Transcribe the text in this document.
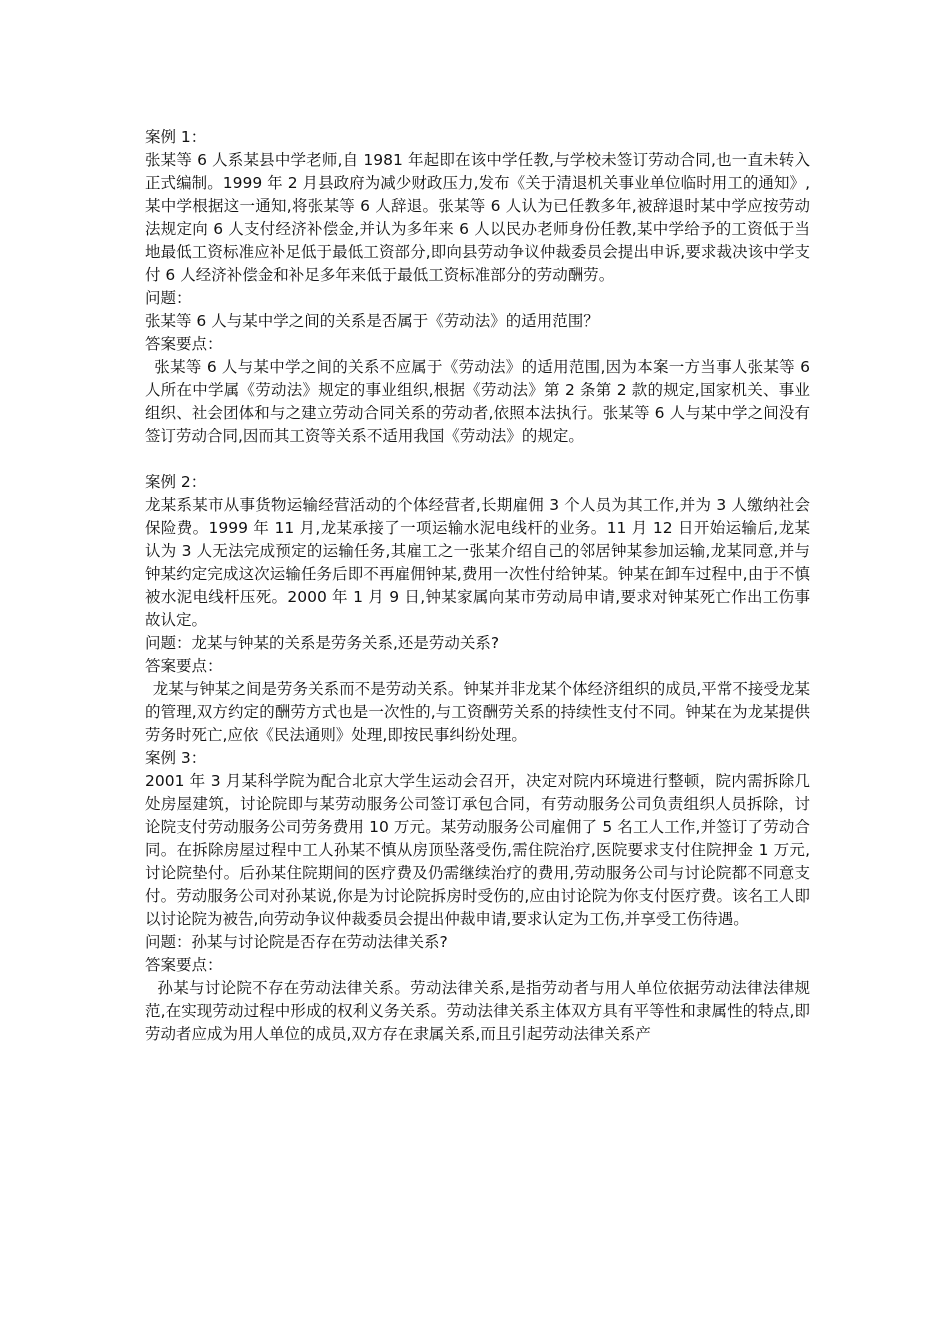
案例 1：

张某等 6 人系某县中学老师,自 1981 年起即在该中学任教,与学校未签订劳动合同,也一直未转入正式编制。1999 年 2 月县政府为减少财政压力,发布《关于清退机关事业单位临时用工的通知》,某中学根据这一通知,将张某等 6 人辞退。张某等 6 人认为已任教多年,被辞退时某中学应按劳动法规定向 6 人支付经济补偿金,并认为多年来 6 人以民办老师身份任教,某中学给予的工资低于当地最低工资标准应补足低于最低工资部分,即向县劳动争议仲裁委员会提出申诉,要求裁决该中学支付 6 人经济补偿金和补足多年来低于最低工资标准部分的劳动酬劳。

问题：

张某等 6 人与某中学之间的关系是否属于《劳动法》的适用范围？

答案要点：

张某等 6 人与某中学之间的关系不应属于《劳动法》的适用范围,因为本案一方当事人张某等 6 人所在中学属《劳动法》规定的事业组织,根据《劳动法》第 2 条第 2 款的规定,国家机关、事业组织、社会团体和与之建立劳动合同关系的劳动者,依照本法执行。张某等 6 人与某中学之间没有签订劳动合同,因而其工资等关系不适用我国《劳动法》的规定。

案例 2：

龙某系某市从事货物运输经营活动的个体经营者,长期雇佣 3 个人员为其工作,并为 3 人缴纳社会保险费。1999 年 11 月,龙某承接了一项运输水泥电线杆的业务。11 月 12 日开始运输后,龙某认为 3 人无法完成预定的运输任务,其雇工之一张某介绍自己的邻居钟某参加运输,龙某同意,并与钟某约定完成这次运输任务后即不再雇佣钟某,费用一次性付给钟某。钟某在卸车过程中,由于不慎被水泥电线杆压死。2000 年 1 月 9 日,钟某家属向某市劳动局申请,要求对钟某死亡作出工伤事故认定。

问题：龙某与钟某的关系是劳务关系,还是劳动关系?

答案要点：

龙某与钟某之间是劳务关系而不是劳动关系。钟某并非龙某个体经济组织的成员,平常不接受龙某的管理,双方约定的酬劳方式也是一次性的,与工资酬劳关系的持续性支付不同。钟某在为龙某提供劳务时死亡,应依《民法通则》处理,即按民事纠纷处理。

案例 3：

2001 年 3 月某科学院为配合北京大学生运动会召开，决定对院内环境进行整顿，院内需拆除几处房屋建筑，讨论院即与某劳动服务公司签订承包合同，有劳动服务公司负责组织人员拆除，讨论院支付劳动服务公司劳务费用 10 万元。某劳动服务公司雇佣了 5 名工人工作,并签订了劳动合同。在拆除房屋过程中工人孙某不慎从房顶坠落受伤,需住院治疗,医院要求支付住院押金 1 万元,讨论院垫付。后孙某住院期间的医疗费及仍需继续治疗的费用,劳动服务公司与讨论院都不同意支付。劳动服务公司对孙某说,你是为讨论院拆房时受伤的,应由讨论院为你支付医疗费。该名工人即以讨论院为被告,向劳动争议仲裁委员会提出仲裁申请,要求认定为工伤,并享受工伤待遇。

问题：孙某与讨论院是否存在劳动法律关系?

答案要点：

孙某与讨论院不存在劳动法律关系。劳动法律关系,是指劳动者与用人单位依据劳动法律法律规范,在实现劳动过程中形成的权利义务关系。劳动法律关系主体双方具有平等性和隶属性的特点,即劳动者应成为用人单位的成员,双方存在隶属关系,而且引起劳动法律关系产
